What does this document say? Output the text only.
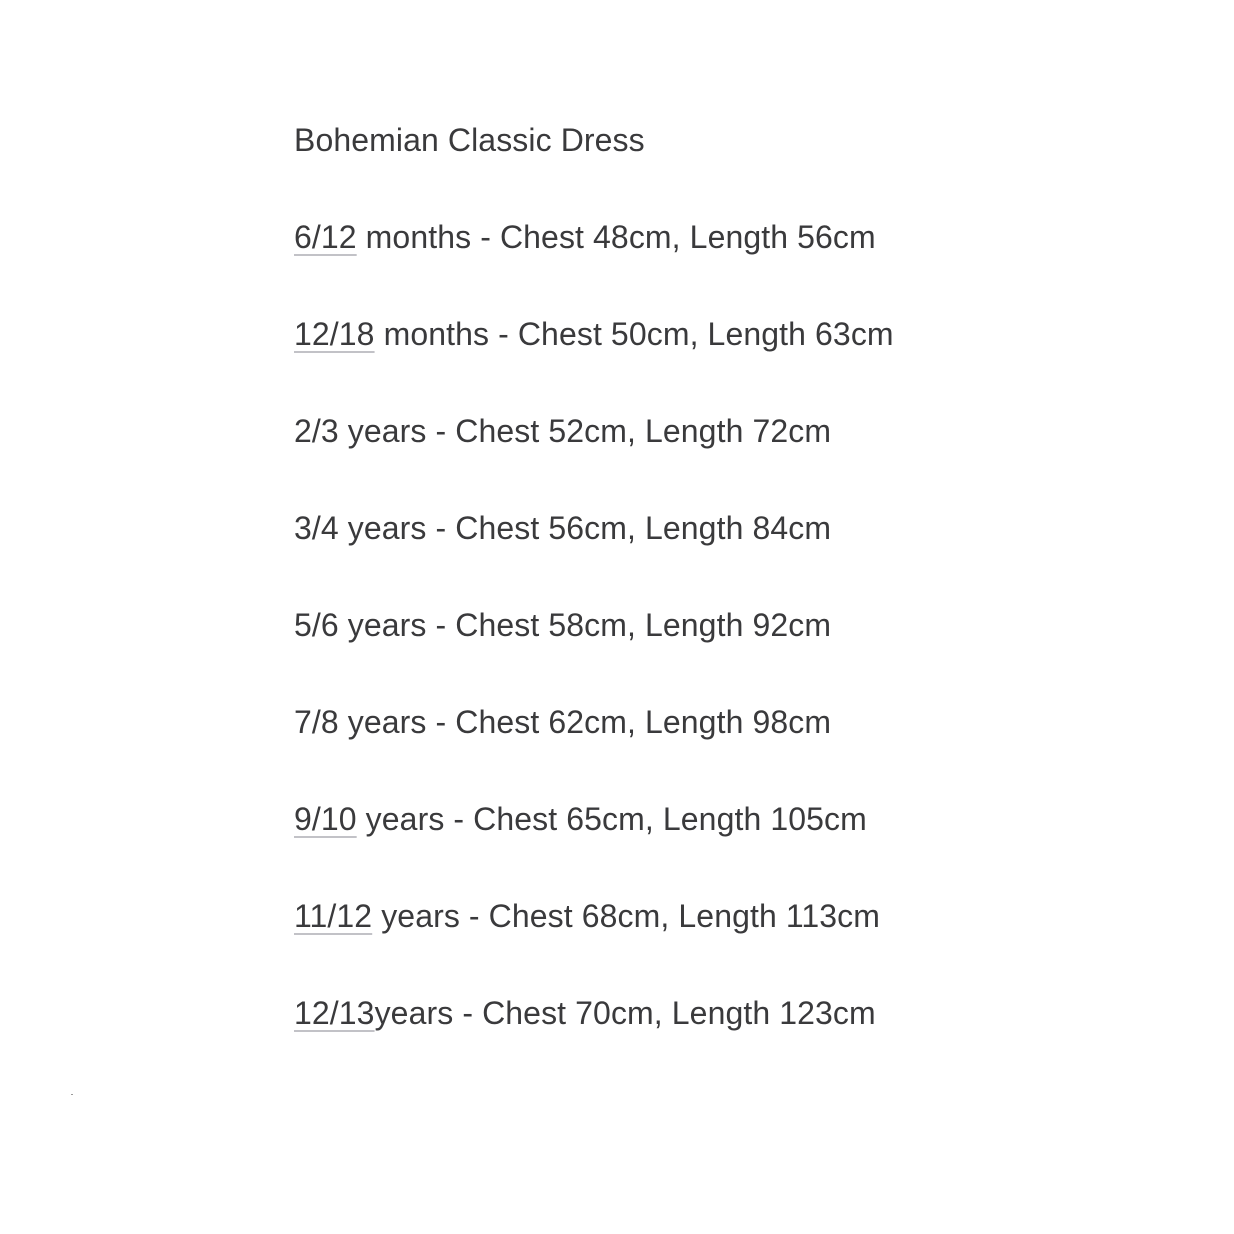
Bohemian Classic Dress
6/12 months - Chest 48cm, Length 56cm
12/18 months - Chest 50cm, Length 63cm
2/3 years - Chest 52cm, Length 72cm
3/4 years - Chest 56cm, Length 84cm
5/6 years - Chest 58cm, Length 92cm
7/8 years - Chest 62cm, Length 98cm
9/10 years - Chest 65cm, Length 105cm
11/12 years - Chest 68cm, Length 113cm
12/13years - Chest 70cm, Length 123cm
